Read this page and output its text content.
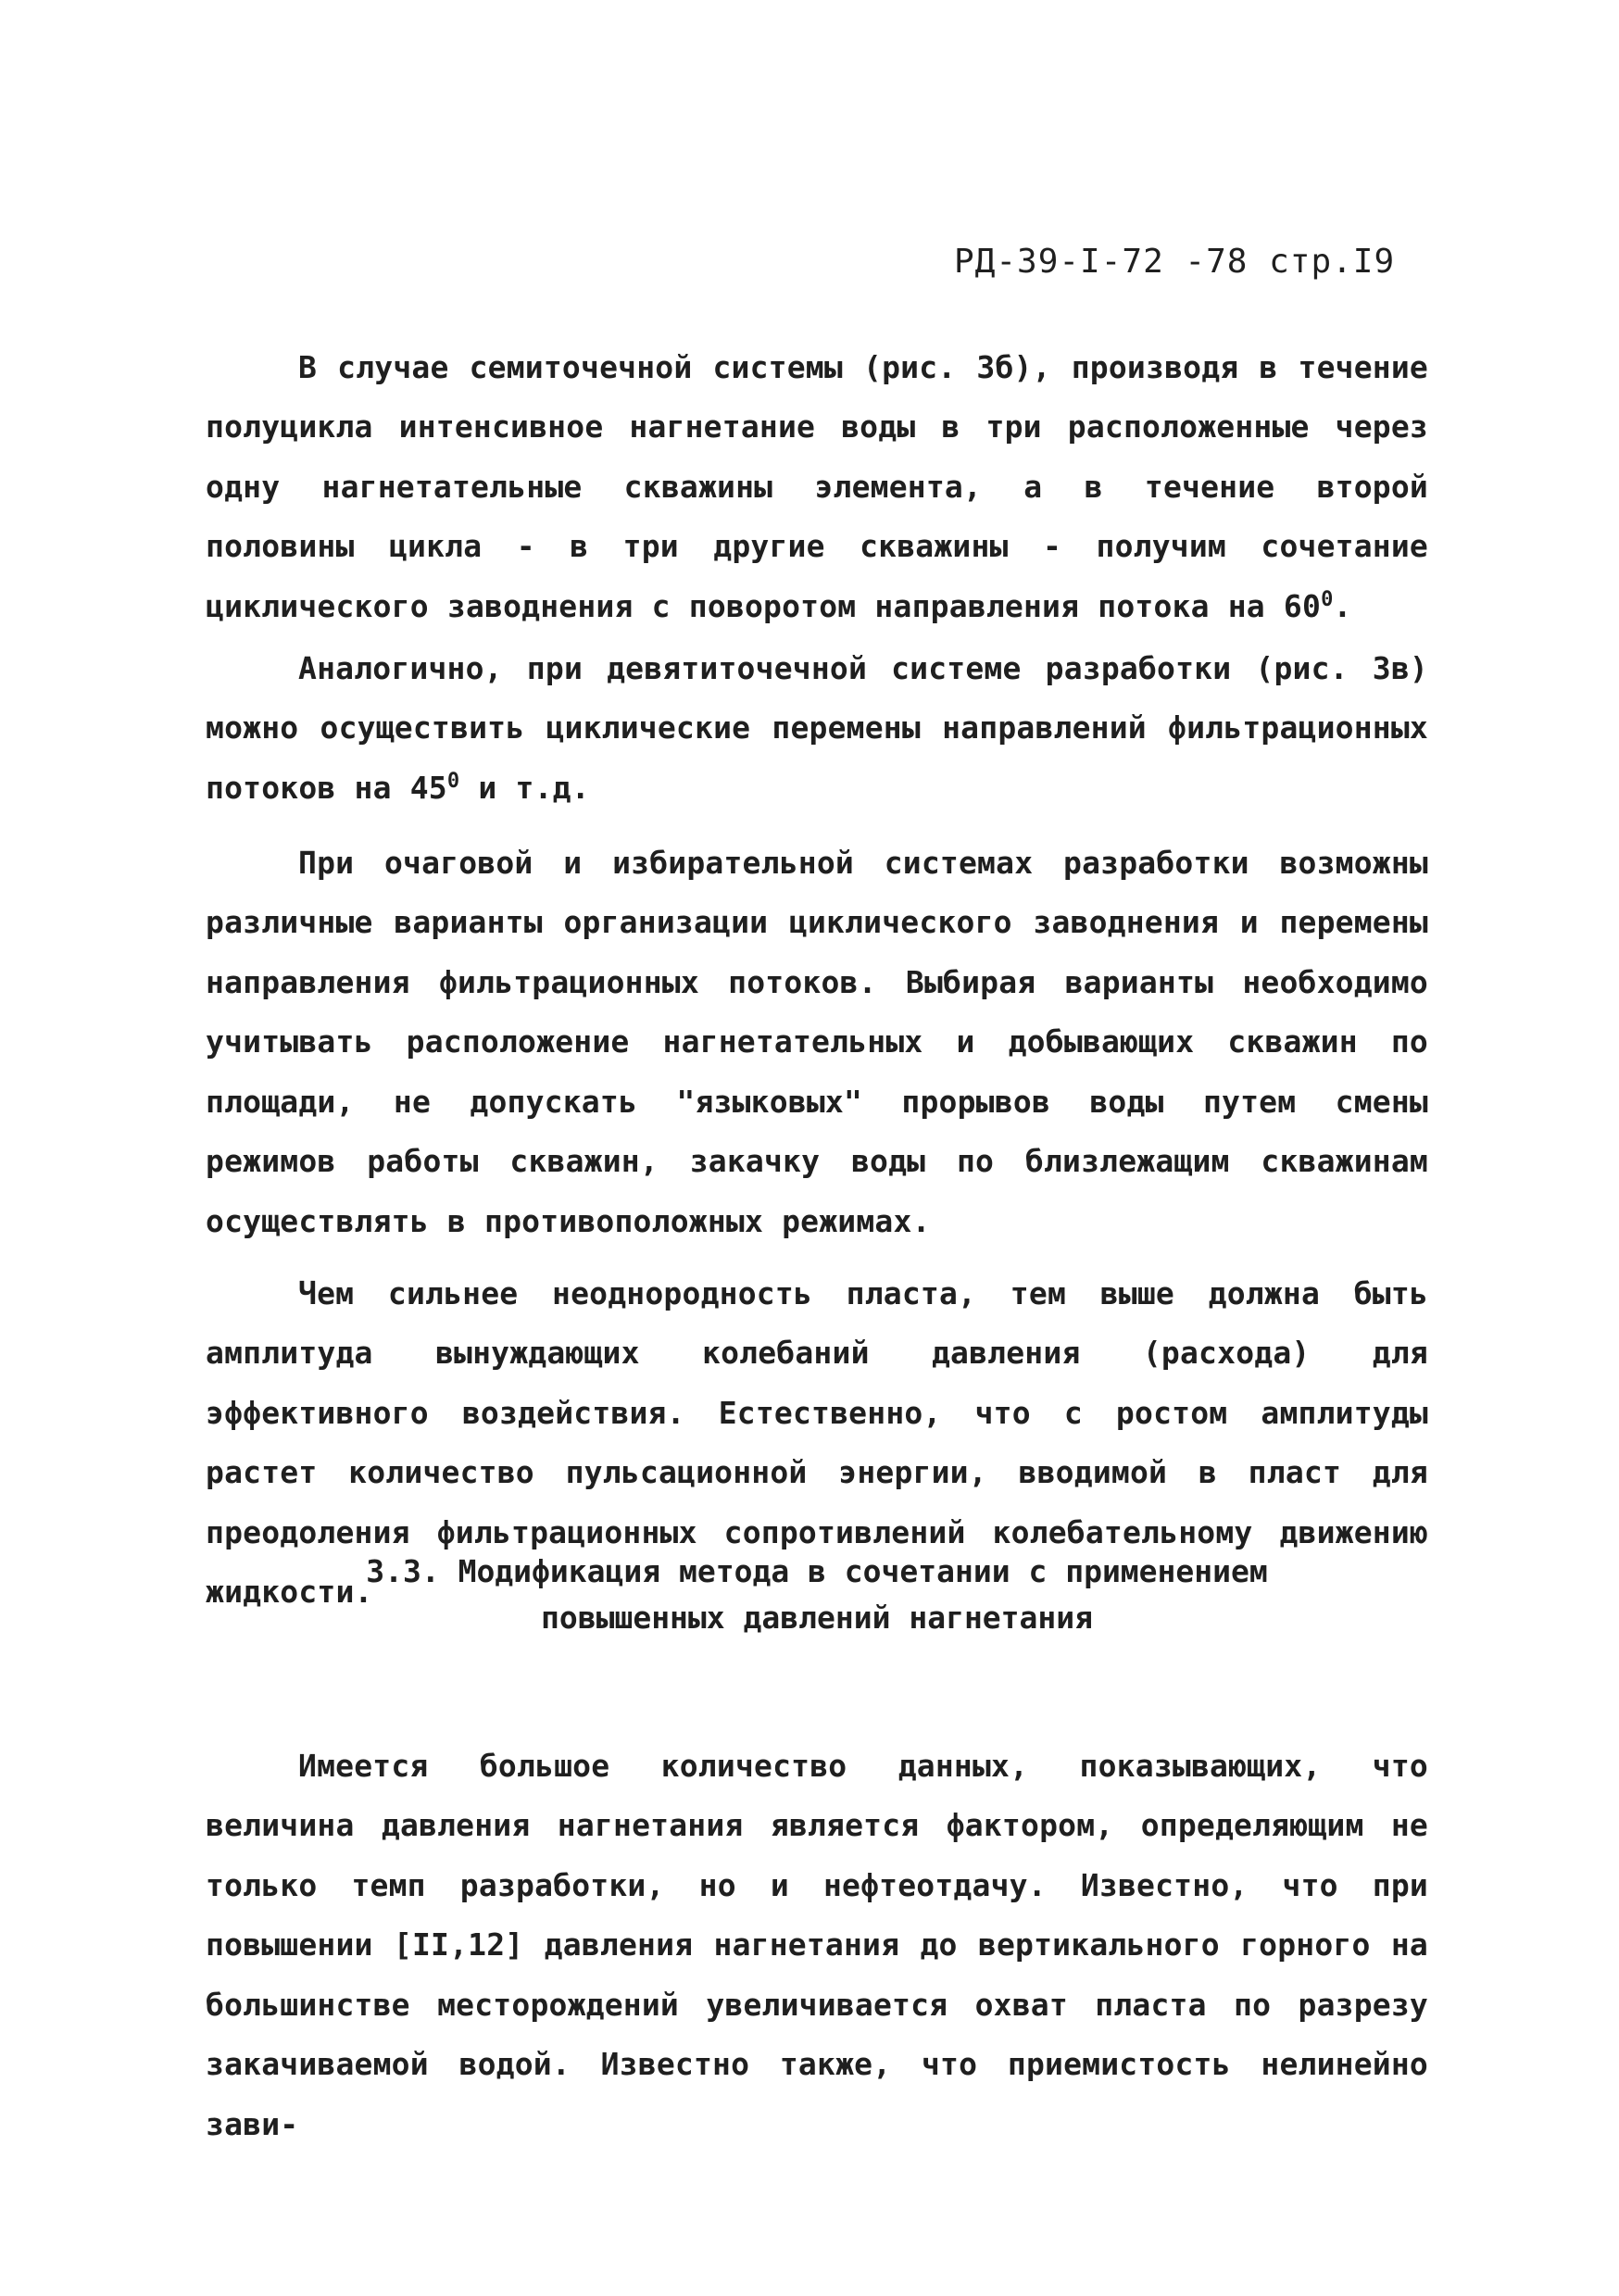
РД-39-I-72 -78 стр.I9

В случае семиточечной системы (рис. 3б), производя в течение полуцикла интенсивное нагнетание воды в три расположенные через одну нагнетательные скважины элемента, а в течение второй половины цикла - в три другие скважины - получим сочетание циклического заводнения с поворотом направления потока на $60^0$.

Аналогично, при девятиточечной системе разработки (рис. 3в) можно осуществить циклические перемены направлений фильтрационных потоков на $45^0$ и т.д.

При очаговой и избирательной системах разработки возможны различные варианты организации циклического заводнения и перемены направления фильтрационных потоков. Выбирая варианты необходимо учитывать расположение нагнетательных и добывающих скважин по площади, не допускать "языковых" прорывов воды путем смены режимов работы скважин, закачку воды по близлежащим скважинам осуществлять в противоположных режимах.

Чем сильнее неоднородность пласта, тем выше должна быть амплитуда вынуждающих колебаний давления (расхода) для эффективного воздействия. Естественно, что с ростом амплитуды растет количество пульсационной энергии, вводимой в пласт для преодоления фильтрационных сопротивлений колебательному движению жидкости.

3.3. Модификация метода в сочетании с применением
повышенных давлений нагнетания

Имеется большое количество данных, показывающих, что величина давления нагнетания является фактором, определяющим не только темп разработки, но и нефтеотдачу. Известно, что при повышении [II,12] давления нагнетания до вертикального горного на большинстве месторождений увеличивается охват пласта по разрезу закачиваемой водой. Известно также, что приемистость нелинейно зави-
